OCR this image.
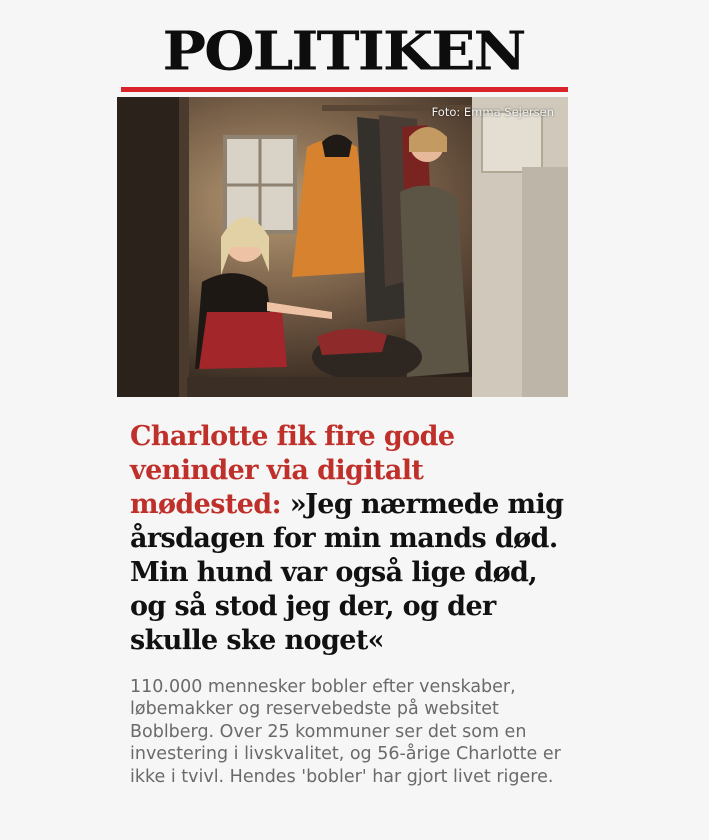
POLITIKEN
Foto: Emma Sejersen
Charlotte fik fire gode veninder via digitalt mødested: »Jeg nærmede mig årsdagen for min mands død. Min hund var også lige død, og så stod jeg der, og der skulle ske noget«
110.000 mennesker bobler efter venskaber, løbemakker og reservebedste på websitet Boblberg. Over 25 kommuner ser det som en investering i livskvalitet, og 56-årige Charlotte er ikke i tvivl. Hendes 'bobler' har gjort livet rigere.
